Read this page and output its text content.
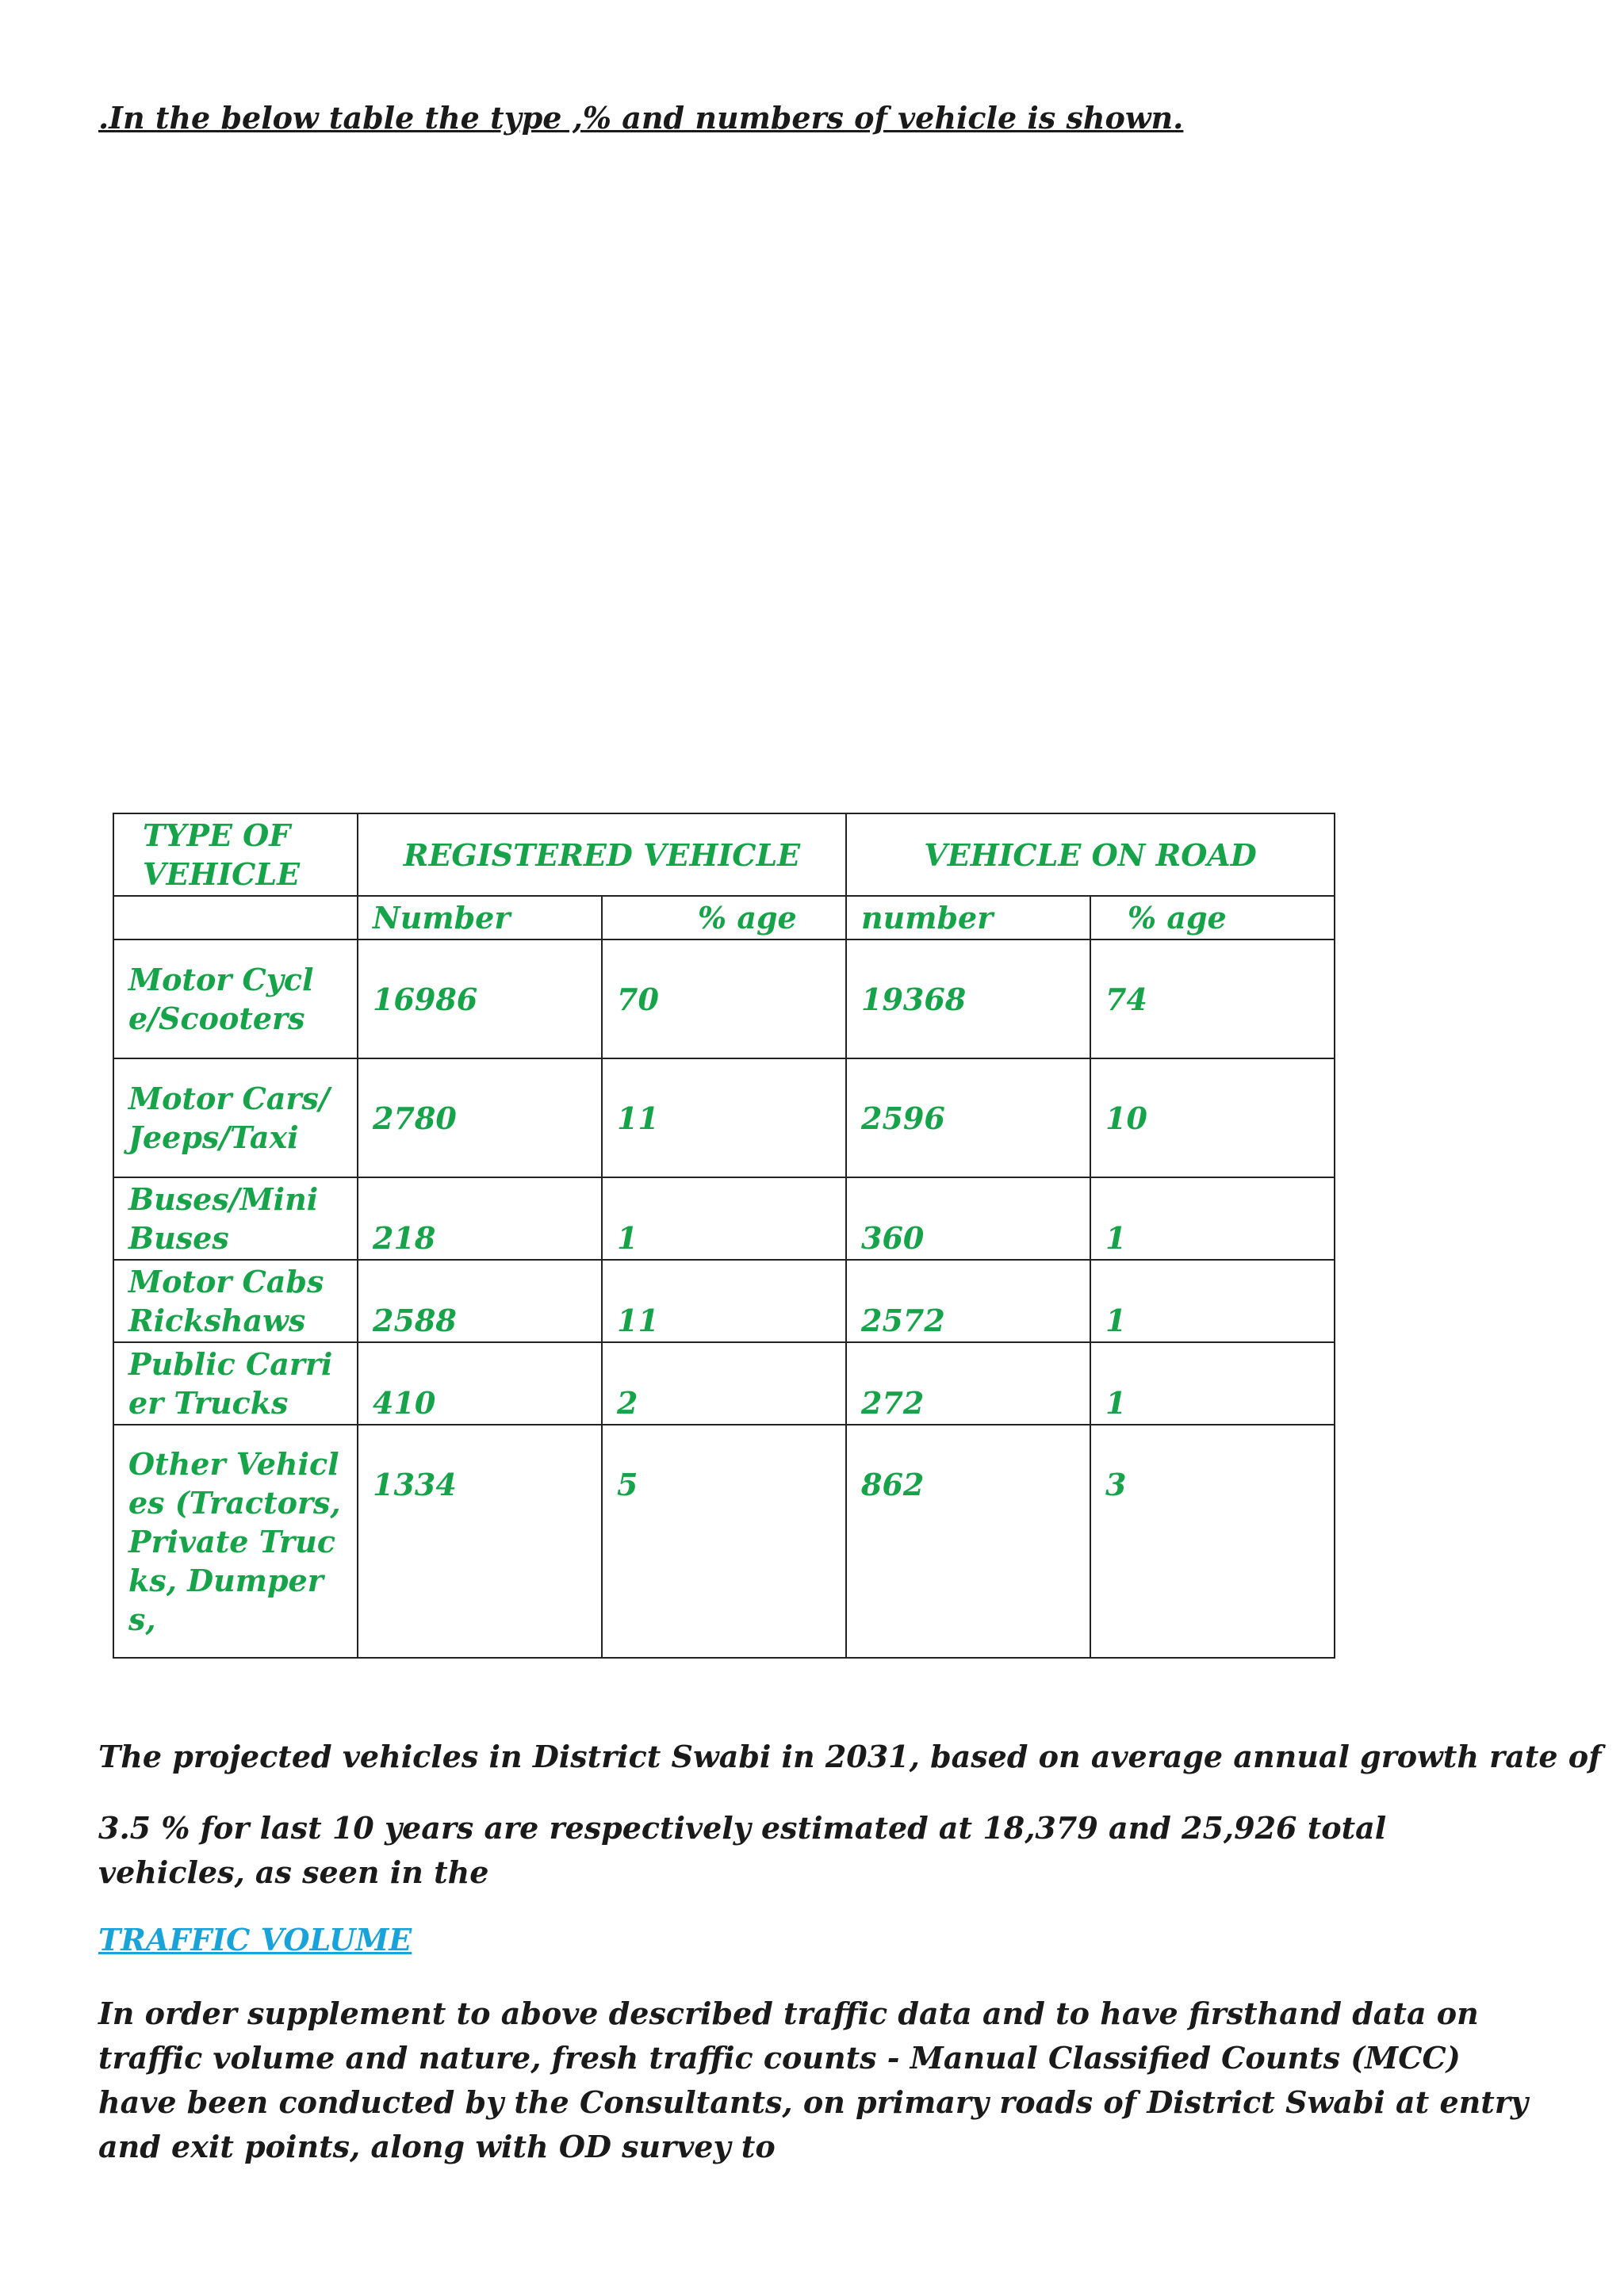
.In the below table the type ,% and numbers of vehicle is shown.

TYPE OF VEHICLE	REGISTERED VEHICLE		VEHICLE ON ROAD	
	Number	% age	number	% age
Motor Cycle/Scooters	16986	70	19368	74
Motor Cars/Jeeps/Taxi	2780	11	2596	10
Buses/Mini Buses	218	1	360	1
Motor Cabs Rickshaws	2588	11	2572	1
Public Carrier Trucks	410	2	272	1
Other Vehicles (Tractors, Private Trucks, Dumpers,	1334	5	862	3

The projected vehicles in District Swabi in 2031, based on average annual growth rate of

3.5 % for last 10 years are respectively estimated at 18,379 and 25,926 total vehicles, as seen in the

TRAFFIC VOLUME

In order supplement to above described traffic data and to have firsthand data on traffic volume and nature, fresh traffic counts - Manual Classified Counts (MCC) have been conducted by the Consultants, on primary roads of District Swabi at entry and exit points, along with OD survey to
